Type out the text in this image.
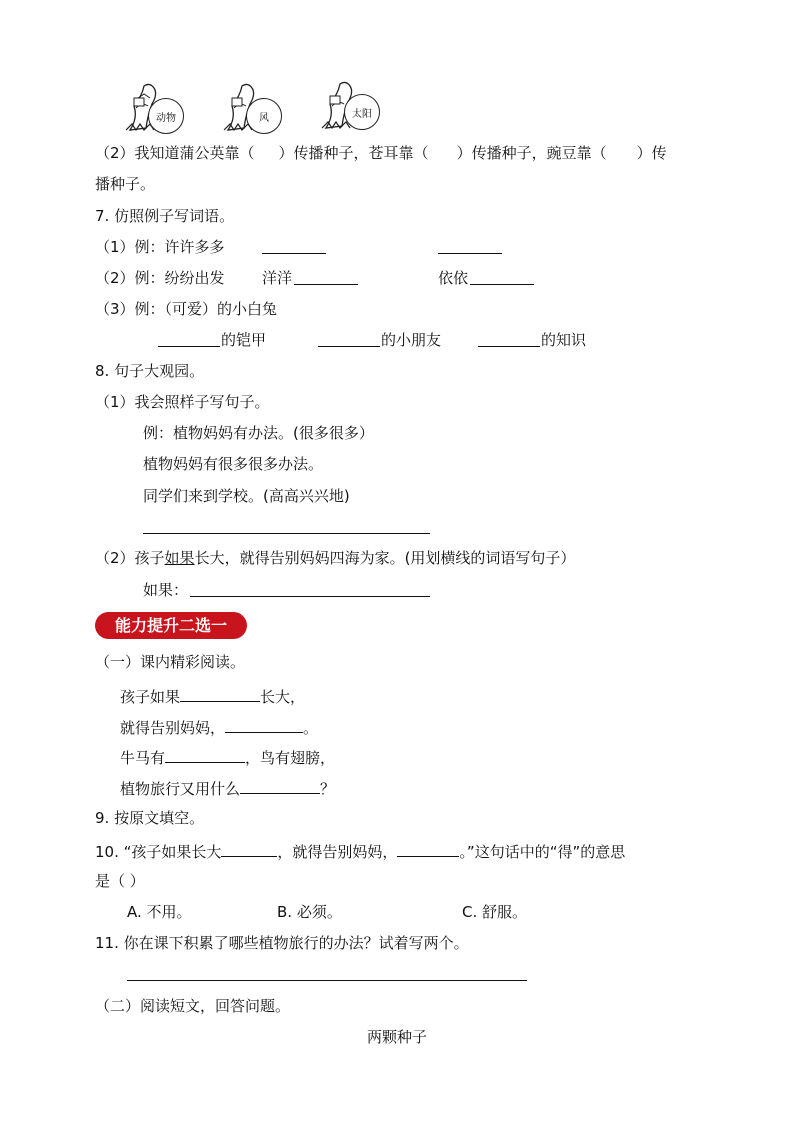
动物	风	太阳
（2）我知道蒲公英靠（ ）传播种子，苍耳靠（ ）传播种子，豌豆靠（ ）传
播种子。
7. 仿照例子写词语。
（1）例：许许多多
（2）例：纷纷出发 洋洋	依依
（3）例：（可爱）的小白兔
的铠甲	的小朋友	的知识
8. 句子大观园。
（1）我会照样子写句子。
例：植物妈妈有办法。(很多很多）
植物妈妈有很多很多办法。
同学们来到学校。(高高兴兴地)
（2）孩子如果长大，就得告别妈妈四海为家。(用划横线的词语写句子）
如果：
能力提升二选一
（一）课内精彩阅读。
孩子如果	长大，
就得告别妈妈，	。
牛马有	，鸟有翅膀，
植物旅行又用什么	？
9. 按原文填空。
10. “孩子如果长大	，就得告别妈妈，	。”这句话中的“得”的意思
是（ ）
A. 不用。	B. 必须。	C. 舒服。
11. 你在课下积累了哪些植物旅行的办法？试着写两个。
（二）阅读短文，回答问题。
两颗种子
